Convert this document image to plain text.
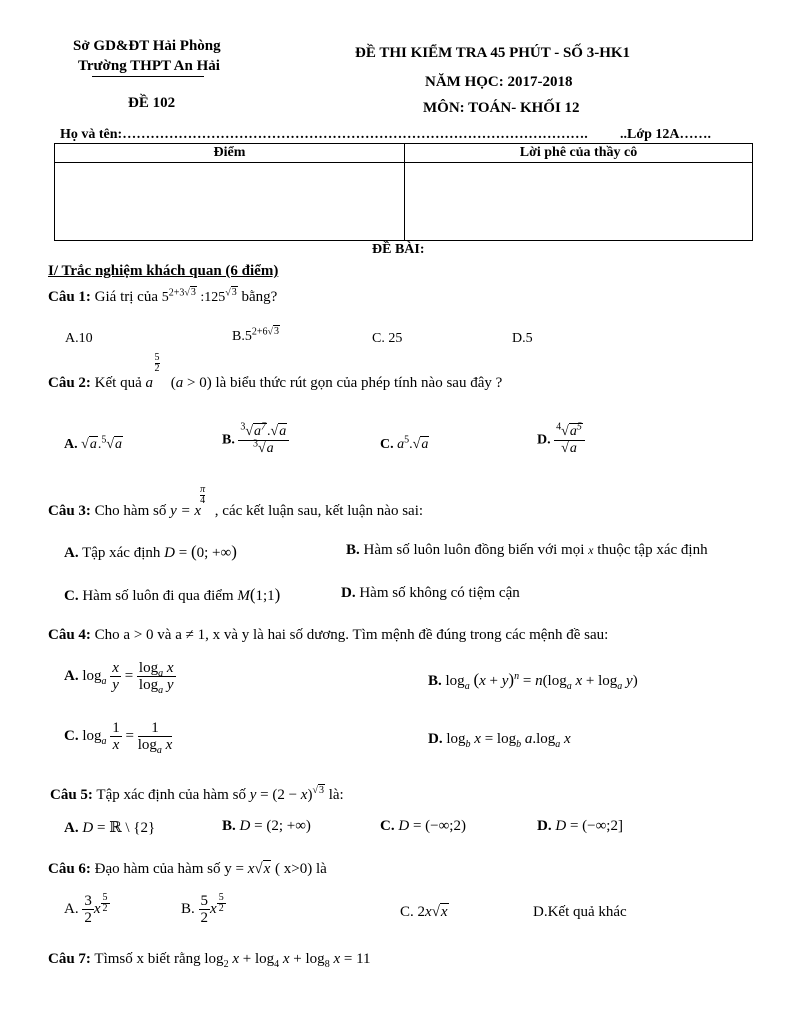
Sở GD&ĐT Hải Phòng
Trường THPT An Hải
ĐỀ 102
ĐỀ THI KIỂM TRA 45 PHÚT - SỐ 3-HK1
NĂM HỌC: 2017-2018
MÔN: TOÁN- KHỐI 12
Họ và tên:………………………………………………………………………………………. ..Lớp 12A…….
Điểm	Lời phê của thầy cô

ĐỀ BÀI:
I/ Trắc nghiệm khách quan (6 điểm)
Câu 1: Giá trị của $5^{2+3√3}$ $:125^{√3}$ bằng?
A.10	$B.5^{2+6√3}$	C. 25	D.5
Câu 2: Kết quả a
5
2
(a > 0) là biểu thức rút gọn của phép tính nào sau đây ?
A. √a.$^5$√a	B. $\frac{^3√a^7.√a}{^3√a}$	C. $a^5.√a$	D. $\frac{^4√a^5}{√a}$
Câu 3: Cho hàm số y = x
π
4
, các kết luận sau, kết luận nào sai:
A. Tập xác định D = (0; +∞)	B. Hàm số luôn luôn đồng biến với mọi x thuộc tập xác định
C. Hàm số luôn đi qua điểm M(1;1)	D. Hàm số không có tiệm cận
Câu 4: Cho a > 0 và a ≠ 1, x và y là hai số dương. Tìm mệnh đề đúng trong các mệnh đề sau:
A. $\log_a \frac{x}{y} = \frac{\log_a x}{\log_a y}$	B. $\log_a (x + y)^n = n(\log_a$ $x + \log_a y$)
C. $\log_a \frac{1}{x} = \frac{1}{\log_a x}$	D. $\log_b x = \log_b a.\log_a$ x
Câu 5: Tập xác định của hàm số $y = (2 - x)^{√3}$ là:
A. D = ℝ \ {2}	B. D = (2; +∞)	C. D = (−∞;2)	D. D = (−∞;2]
Câu 6: Đạo hàm của hàm số y = x√x ( x>0) là
A. $\frac{3}{2}$ x $\frac{5}{2}$	B. $\frac{5}{2}$ x $\frac{5}{2}$	C. 2x√x	D.Kết quả khác
Câu 7: Tìmsố x biết rằng $\log_2 x + \log_4 x + \log_8 x = 11$
